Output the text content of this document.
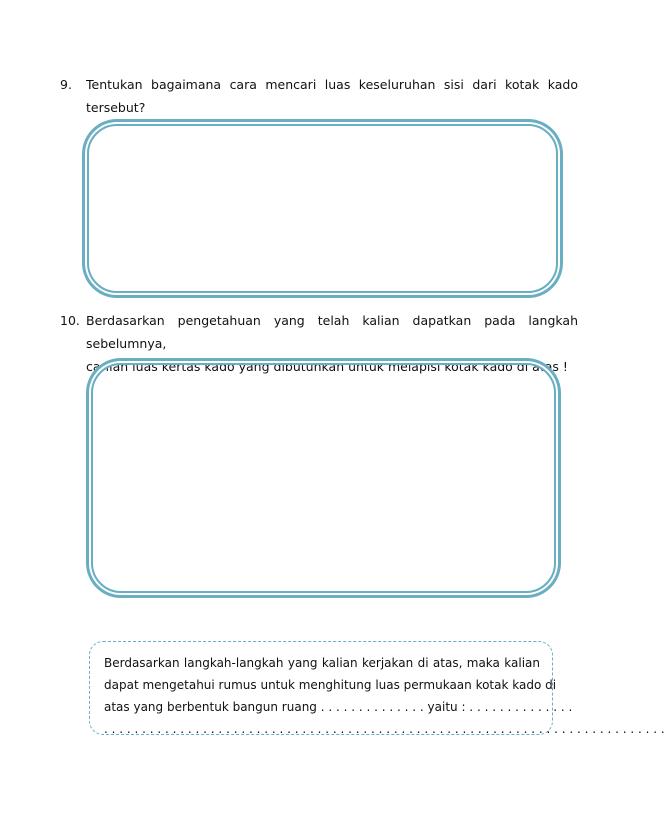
9. Tentukan bagaimana cara mencari luas keseluruhan sisi dari kotak kado
tersebut?
10. Berdasarkan pengetahuan yang telah kalian dapatkan pada langkah sebelumnya,
carilah luas kertas kado yang dibutuhkan untuk melapisi kotak kado di atas !
Berdasarkan langkah-langkah yang kalian kerjakan di atas, maka kalian
dapat mengetahui rumus untuk menghitung luas permukaan kotak kado di
atas yang berbentuk bangun ruang . . . . . . . . . . . . . . yaitu : . . . . . . . . . . . . . .
. . . . . . . . . . . . . . . . . . . . . . . . . . . . . . . . . . . . . . . . . . . . . . . . . . . . . . . . . . . . . . . . . . . . . . . . . .
